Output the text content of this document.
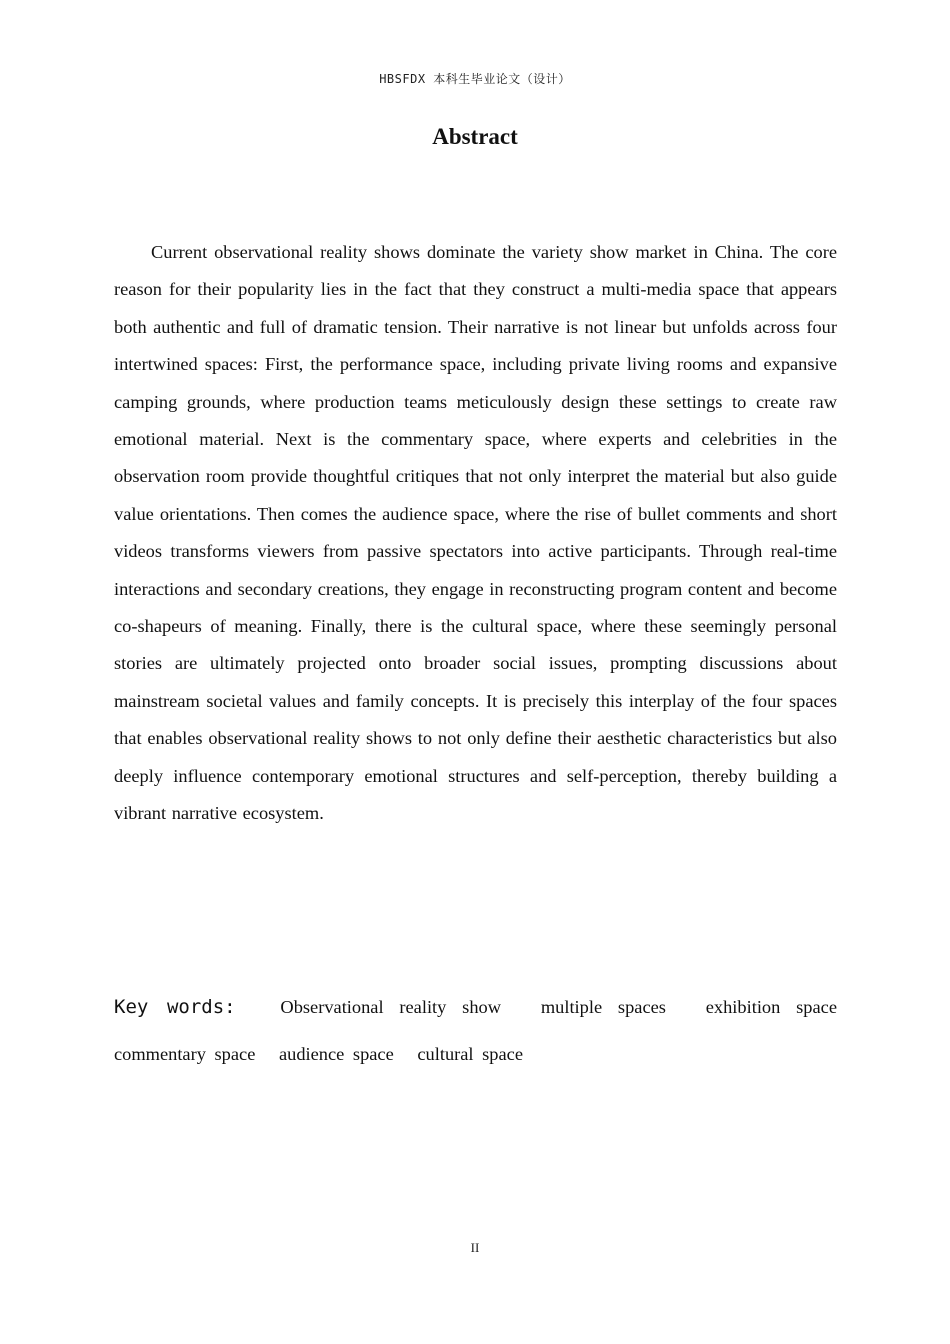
HBSFDX 本科生毕业论文（设计）
Abstract

Current observational reality shows dominate the variety show market in China. The core reason for their popularity lies in the fact that they construct a multi-media space that appears both authentic and full of dramatic tension. Their narrative is not linear but unfolds across four intertwined spaces: First, the performance space, including private living rooms and expansive camping grounds, where production teams meticulously design these settings to create raw emotional material. Next is the commentary space, where experts and celebrities in the observation room provide thoughtful critiques that not only interpret the material but also guide value orientations. Then comes the audience space, where the rise of bullet comments and short videos transforms viewers from passive spectators into active participants. Through real-time interactions and secondary creations, they engage in reconstructing program content and become co-shapeurs of meaning. Finally, there is the cultural space, where these seemingly personal stories are ultimately projected onto broader social issues, prompting discussions about mainstream societal values and family concepts. It is precisely this interplay of the four spaces that enables observational reality shows to not only define their aesthetic characteristics but also deeply influence contemporary emotional structures and self-perception, thereby building a vibrant narrative ecosystem.

Key words: Observational reality show multiple spaces exhibition space commentary space audience space cultural space

II
